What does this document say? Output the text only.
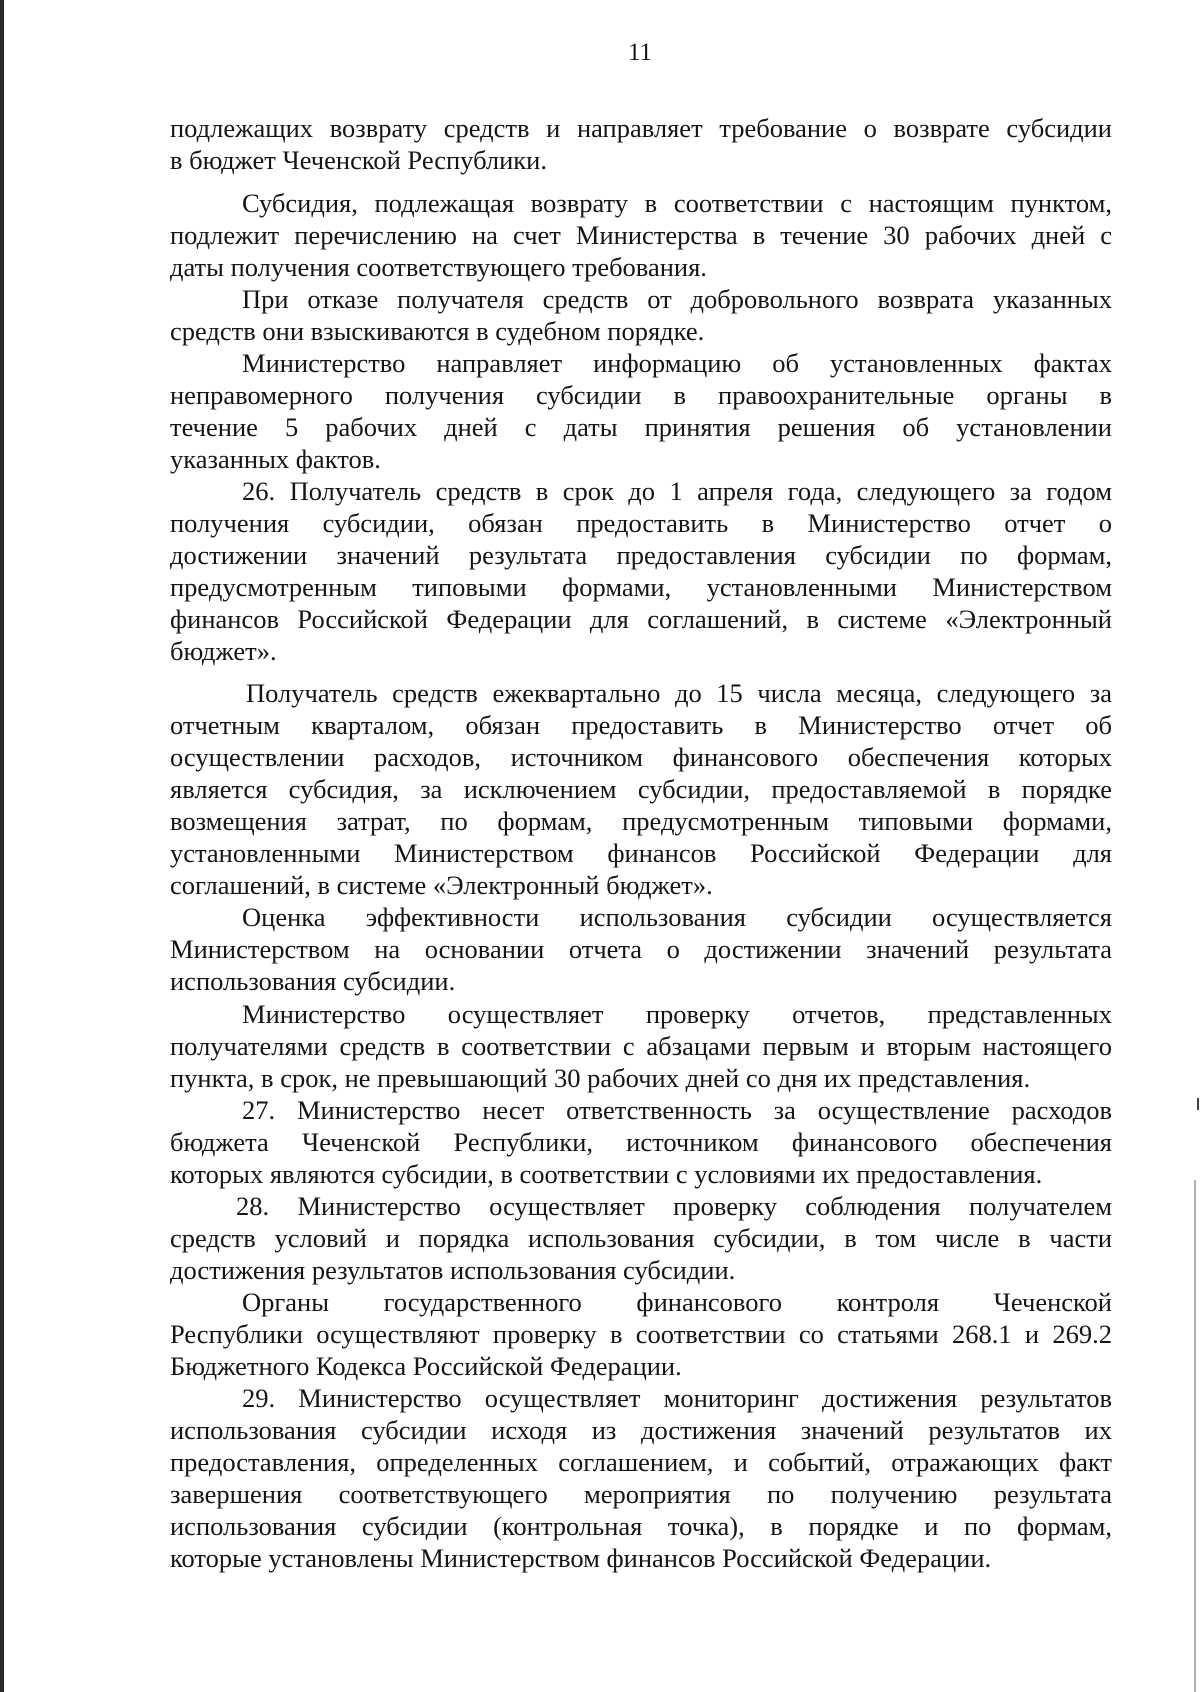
11
подлежащих возврату средств и направляет требование о возврате субсидии
в бюджет Чеченской Республики.
Субсидия, подлежащая возврату в соответствии с настоящим пунктом,
подлежит перечислению на счет Министерства в течение 30 рабочих дней с
даты получения соответствующего требования.
При отказе получателя средств от добровольного возврата указанных
средств они взыскиваются в судебном порядке.
Министерство направляет информацию об установленных фактах
неправомерного получения субсидии в правоохранительные органы в
течение 5 рабочих дней с даты принятия решения об установлении
указанных фактов.
26. Получатель средств в срок до 1 апреля года, следующего за годом
получения субсидии, обязан предоставить в Министерство отчет о
достижении значений результата предоставления субсидии по формам,
предусмотренным типовыми формами, установленными Министерством
финансов Российской Федерации для соглашений, в системе «Электронный
бюджет».
Получатель средств ежеквартально до 15 числа месяца, следующего за
отчетным кварталом, обязан предоставить в Министерство отчет об
осуществлении расходов, источником финансового обеспечения которых
является субсидия, за исключением субсидии, предоставляемой в порядке
возмещения затрат, по формам, предусмотренным типовыми формами,
установленными Министерством финансов Российской Федерации для
соглашений, в системе «Электронный бюджет».
Оценка эффективности использования субсидии осуществляется
Министерством на основании отчета о достижении значений результата
использования субсидии.
Министерство осуществляет проверку отчетов, представленных
получателями средств в соответствии с абзацами первым и вторым настоящего
пункта, в срок, не превышающий 30 рабочих дней со дня их представления.
27. Министерство несет ответственность за осуществление расходов
бюджета Чеченской Республики, источником финансового обеспечения
которых являются субсидии, в соответствии с условиями их предоставления.
28. Министерство осуществляет проверку соблюдения получателем
средств условий и порядка использования субсидии, в том числе в части
достижения результатов использования субсидии.
Органы государственного финансового контроля Чеченской
Республики осуществляют проверку в соответствии со статьями 268.1 и 269.2
Бюджетного Кодекса Российской Федерации.
29. Министерство осуществляет мониторинг достижения результатов
использования субсидии исходя из достижения значений результатов их
предоставления, определенных соглашением, и событий, отражающих факт
завершения соответствующего мероприятия по получению результата
использования субсидии (контрольная точка), в порядке и по формам,
которые установлены Министерством финансов Российской Федерации.
